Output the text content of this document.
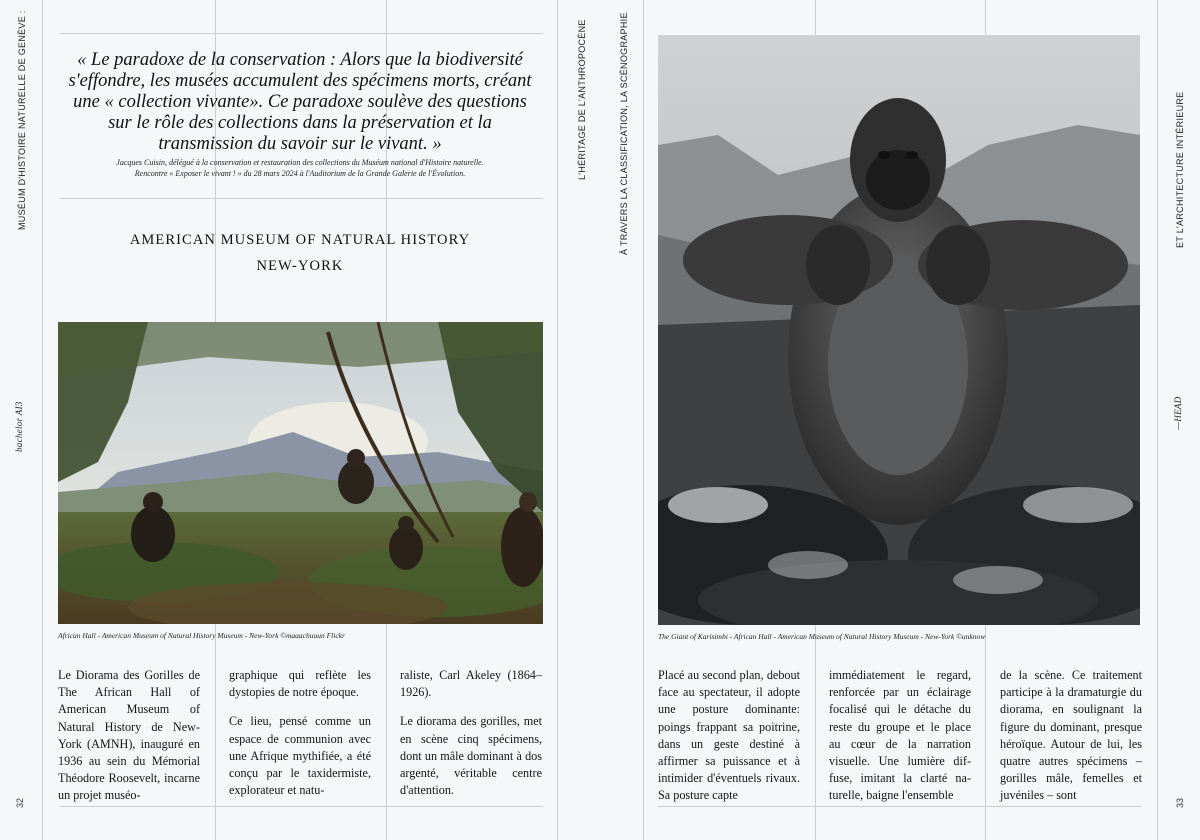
MUSÉUM D'HISTOIRE NATURELLE DE GENÈVE :
bachelor AI3
32
« Le paradoxe de la conservation : Alors que la biodiversité s'effondre, les musées accumulent des spécimens morts, créant une « collection vivante». Ce paradoxe soulève des questions sur le rôle des collections dans la préservation et la transmission du savoir sur le vivant. »
Jacques Cuisin, délégué à la conservation et restauration des collections du Muséum national d'Histoire naturelle.
Rencontre « Exposer le vivant ! » du 28 mars 2024 à l'Auditorium de la Grande Galerie de l'Évolution.
AMERICAN MUSEUM OF NATURAL HISTORY
NEW-YORK
African Hall - American Museum of Natural History Museum - New-York ©maaachuuun Flickr

Le Diorama des Gorilles de The African Hall of American Museum of Natural History de New-York (AMNH), inauguré en 1936 au sein du Mémorial Théodore Roosevelt, incarne un projet muséo-

graphique qui reflète les dystopies de notre époque.

Ce lieu, pensé comme un espace de communion avec une Afrique mythifiée, a été conçu par le taxidermiste, explorateur et natu-

raliste, Carl Akeley (1864–1926).

Le diorama des gorilles, met en scène cinq spécimens, dont un mâle dominant à dos argenté, véritable centre d'attention.

L'HÉRITAGE DE L'ANTHROPOCÈNE	À TRAVERS LA CLASSIFICATION, LA SCÉNOGRAPHIE	ET L'ARCHITECTURE INTÉRIEURE
—HEAD
33
The Giant of Karisimbi - African Hall - American Museum of Natural History Museum - New-York ©unknow

Placé au second plan, debout face au spectateur, il adopte une posture dominante: poings frappant sa poitrine, dans un geste destiné à affirmer sa puissance et à intimider d'éventuels rivaux. Sa posture capte

immédiatement le regard, renforcée par un éclairage focalisé qui le détache du reste du groupe et le place au cœur de la narration visuelle. Une lumière diffuse, imitant la clarté naturelle, baigne l'ensemble

de la scène. Ce traitement participe à la dramaturgie du diorama, en soulignant la figure du dominant, presque héroïque. Autour de lui, les quatre autres spécimens – gorilles mâle, femelles et juvéniles – sont
